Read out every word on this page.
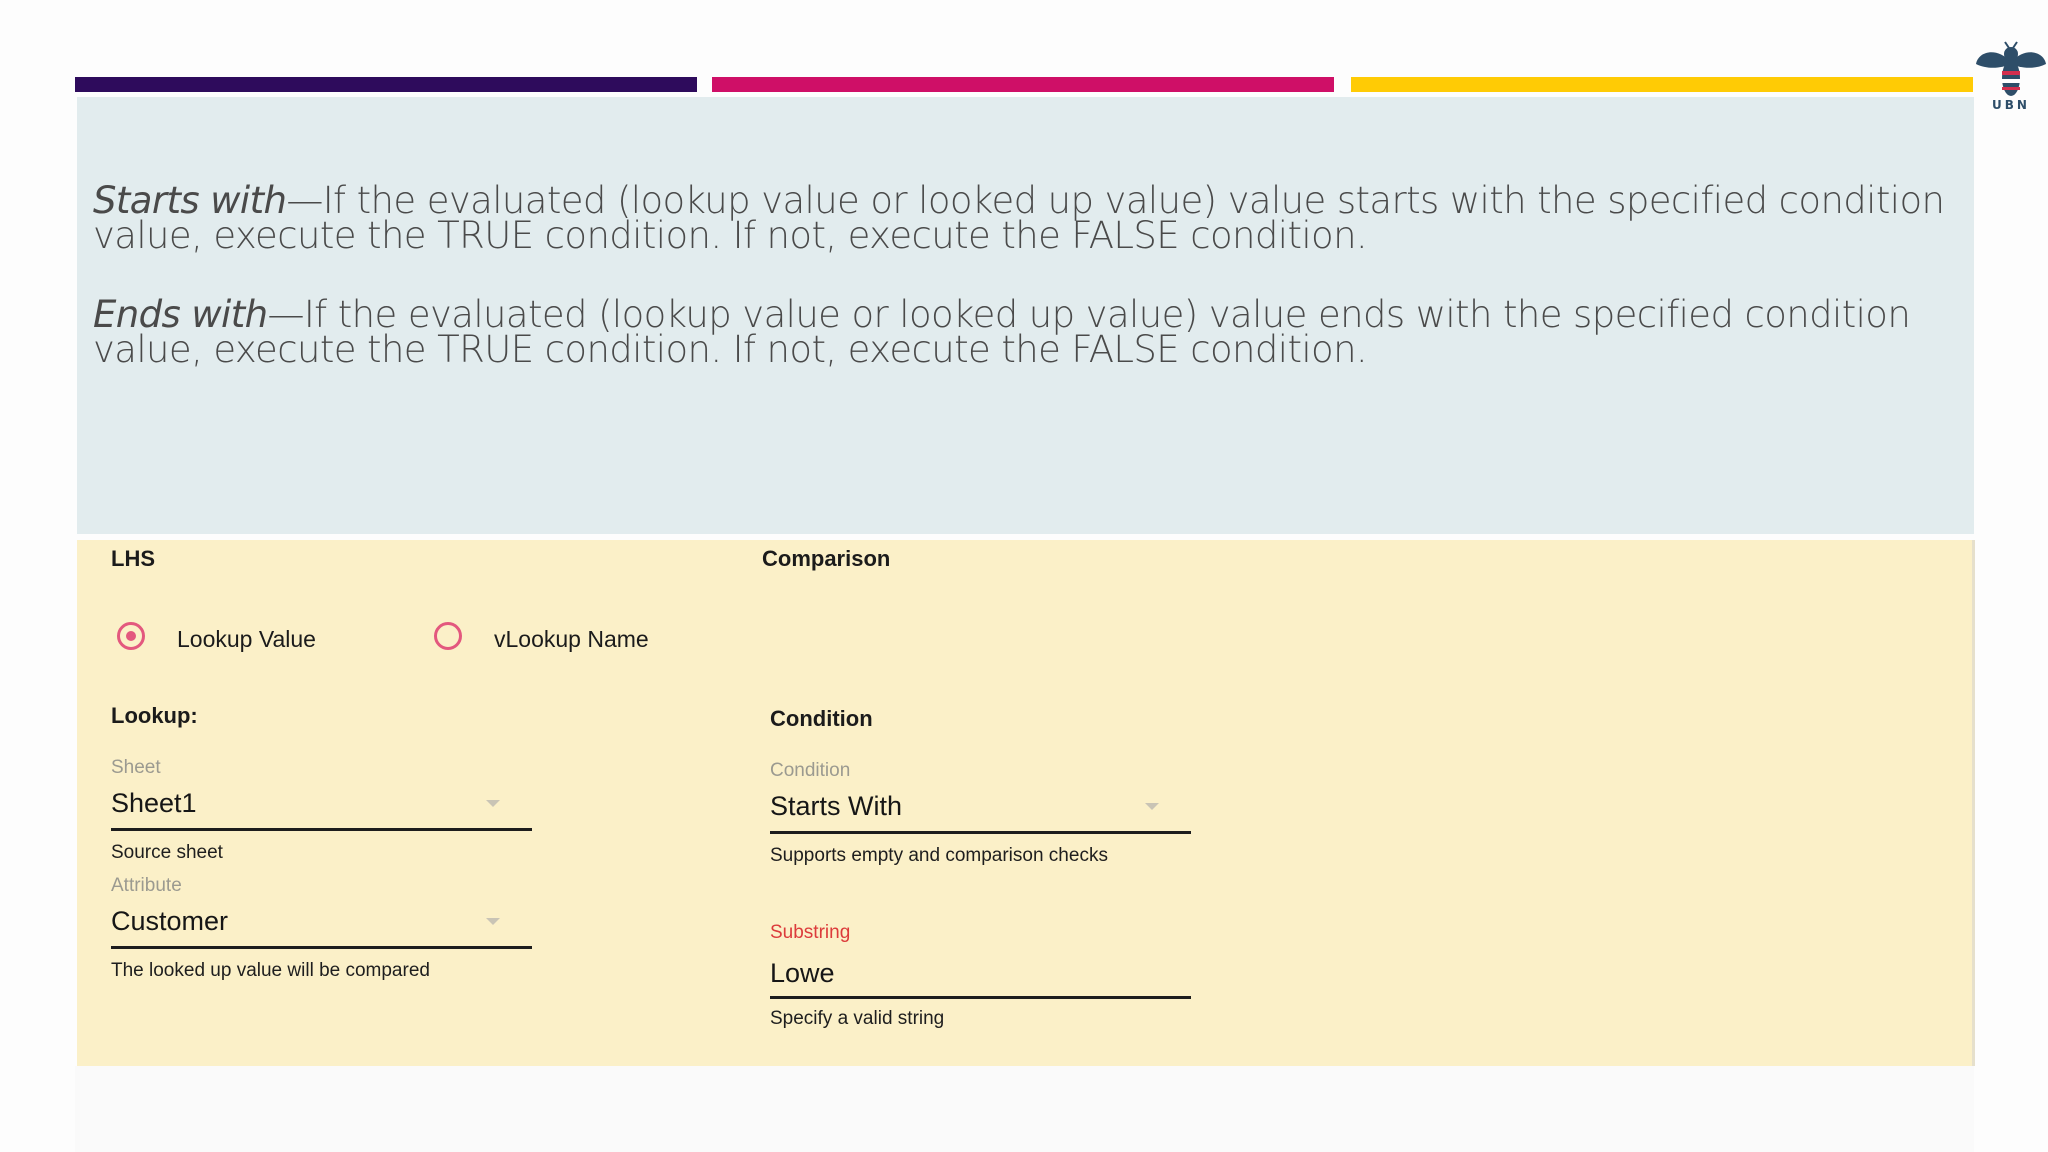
UBN

Starts with—If the evaluated (lookup value or looked up value) value starts with the specified condition value, execute the TRUE condition. If not, execute the FALSE condition.

Ends with—If the evaluated (lookup value or looked up value) value ends with the specified condition value, execute the TRUE condition. If not, execute the FALSE condition.

LHS	Comparison
Lookup Value	vLookup Name
Lookup:
Sheet
Sheet1
Source sheet
Attribute
Customer
The looked up value will be compared
Condition
Condition
Starts With
Supports empty and comparison checks
Substring
Lowe
Specify a valid string
